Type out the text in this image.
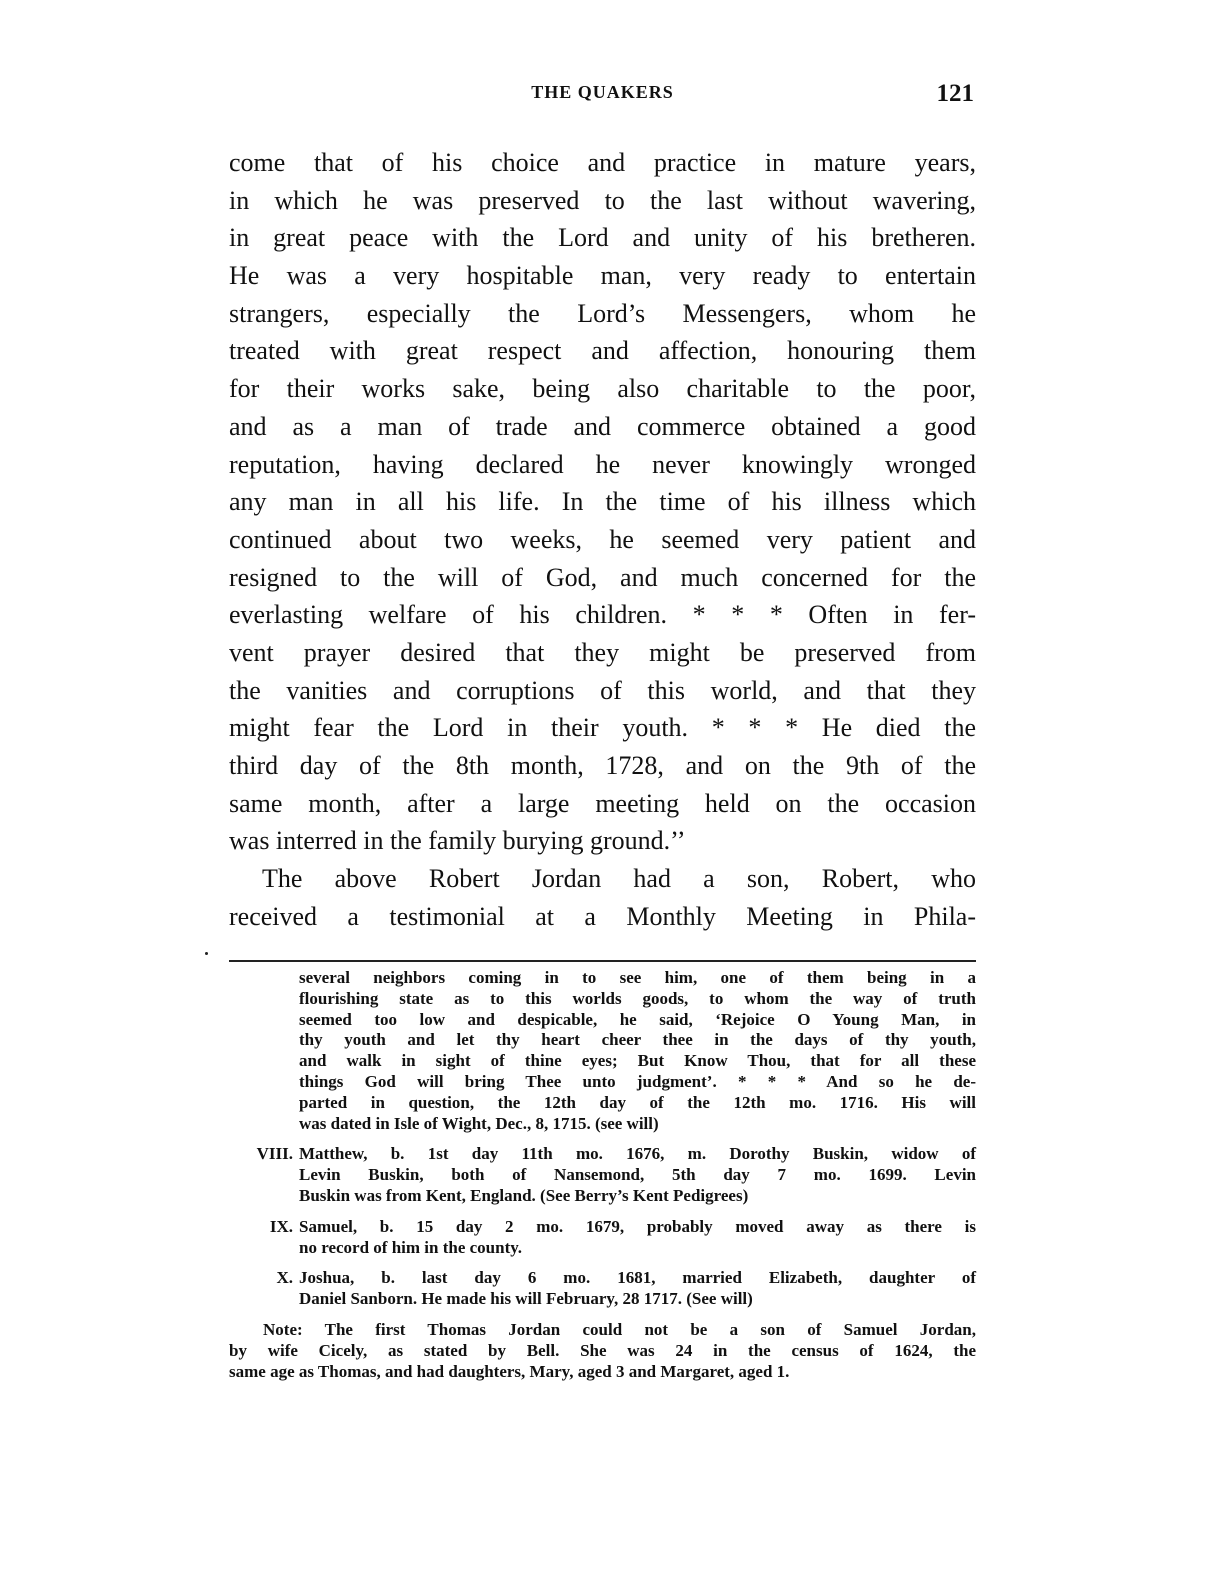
THE QUAKERS	121
come that of his choice and practice in mature years,
in which he was preserved to the last without wavering,
in great peace with the Lord and unity of his bretheren.
He was a very hospitable man, very ready to entertain
strangers, especially the Lord’s Messengers, whom he
treated with great respect and affection, honouring them
for their works sake, being also charitable to the poor,
and as a man of trade and commerce obtained a good
reputation, having declared he never knowingly wronged
any man in all his life. In the time of his illness which
continued about two weeks, he seemed very patient and
resigned to the will of God, and much concerned for the
everlasting welfare of his children. * * * Often in fer-
vent prayer desired that they might be preserved from
the vanities and corruptions of this world, and that they
might fear the Lord in their youth. * * * He died the
third day of the 8th month, 1728, and on the 9th of the
same month, after a large meeting held on the occasion
was interred in the family burying ground.’’
The above Robert Jordan had a son, Robert, who
received a testimonial at a Monthly Meeting in Phila-
several neighbors coming in to see him, one of them being in a
flourishing state as to this worlds goods, to whom the way of truth
seemed too low and despicable, he said, ‘Rejoice O Young Man, in
thy youth and let thy heart cheer thee in the days of thy youth,
and walk in sight of thine eyes; But Know Thou, that for all these
things God will bring Thee unto judgment’. * * * And so he de-
parted in question, the 12th day of the 12th mo. 1716. His will
was dated in Isle of Wight, Dec., 8, 1715. (see will)
VIII. Matthew, b. 1st day 11th mo. 1676, m. Dorothy Buskin, widow of
Levin Buskin, both of Nansemond, 5th day 7 mo. 1699. Levin
Buskin was from Kent, England. (See Berry’s Kent Pedigrees)
IX. Samuel, b. 15 day 2 mo. 1679, probably moved away as there is
no record of him in the county.
X. Joshua, b. last day 6 mo. 1681, married Elizabeth, daughter of
Daniel Sanborn. He made his will February, 28 1717. (See will)
Note: The first Thomas Jordan could not be a son of Samuel Jordan,
by wife Cicely, as stated by Bell. She was 24 in the census of 1624, the
same age as Thomas, and had daughters, Mary, aged 3 and Margaret, aged 1.
